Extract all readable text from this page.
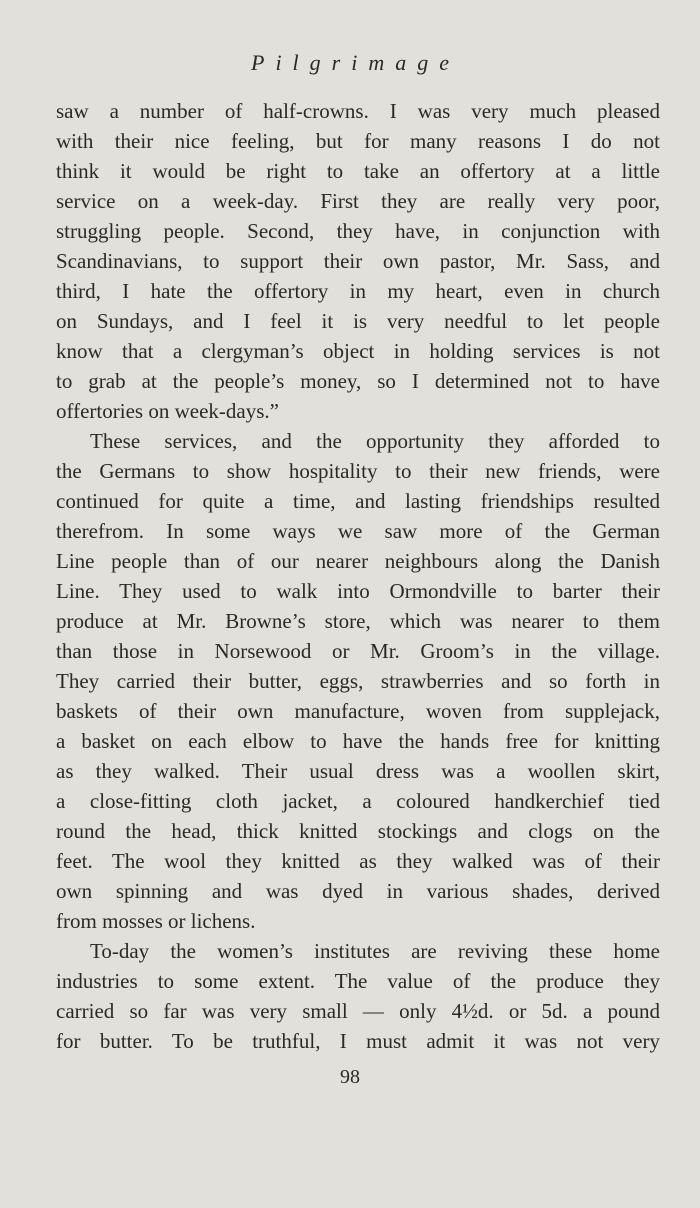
Pilgrimage
saw a number of half-crowns. I was very much pleased
with their nice feeling, but for many reasons I do not
think it would be right to take an offertory at a little
service on a week-day. First they are really very poor,
struggling people. Second, they have, in conjunction with
Scandinavians, to support their own pastor, Mr. Sass, and
third, I hate the offertory in my heart, even in church
on Sundays, and I feel it is very needful to let people
know that a clergyman’s object in holding services is not
to grab at the people’s money, so I determined not to have
offertories on week-days.”
These services, and the opportunity they afforded to
the Germans to show hospitality to their new friends, were
continued for quite a time, and lasting friendships resulted
therefrom. In some ways we saw more of the German
Line people than of our nearer neighbours along the Danish
Line. They used to walk into Ormondville to barter their
produce at Mr. Browne’s store, which was nearer to them
than those in Norsewood or Mr. Groom’s in the village.
They carried their butter, eggs, strawberries and so forth in
baskets of their own manufacture, woven from supplejack,
a basket on each elbow to have the hands free for knitting
as they walked. Their usual dress was a woollen skirt,
a close-fitting cloth jacket, a coloured handkerchief tied
round the head, thick knitted stockings and clogs on the
feet. The wool they knitted as they walked was of their
own spinning and was dyed in various shades, derived
from mosses or lichens.
To-day the women’s institutes are reviving these home
industries to some extent. The value of the produce they
carried so far was very small — only 4½d. or 5d. a pound
for butter. To be truthful, I must admit it was not very
98
